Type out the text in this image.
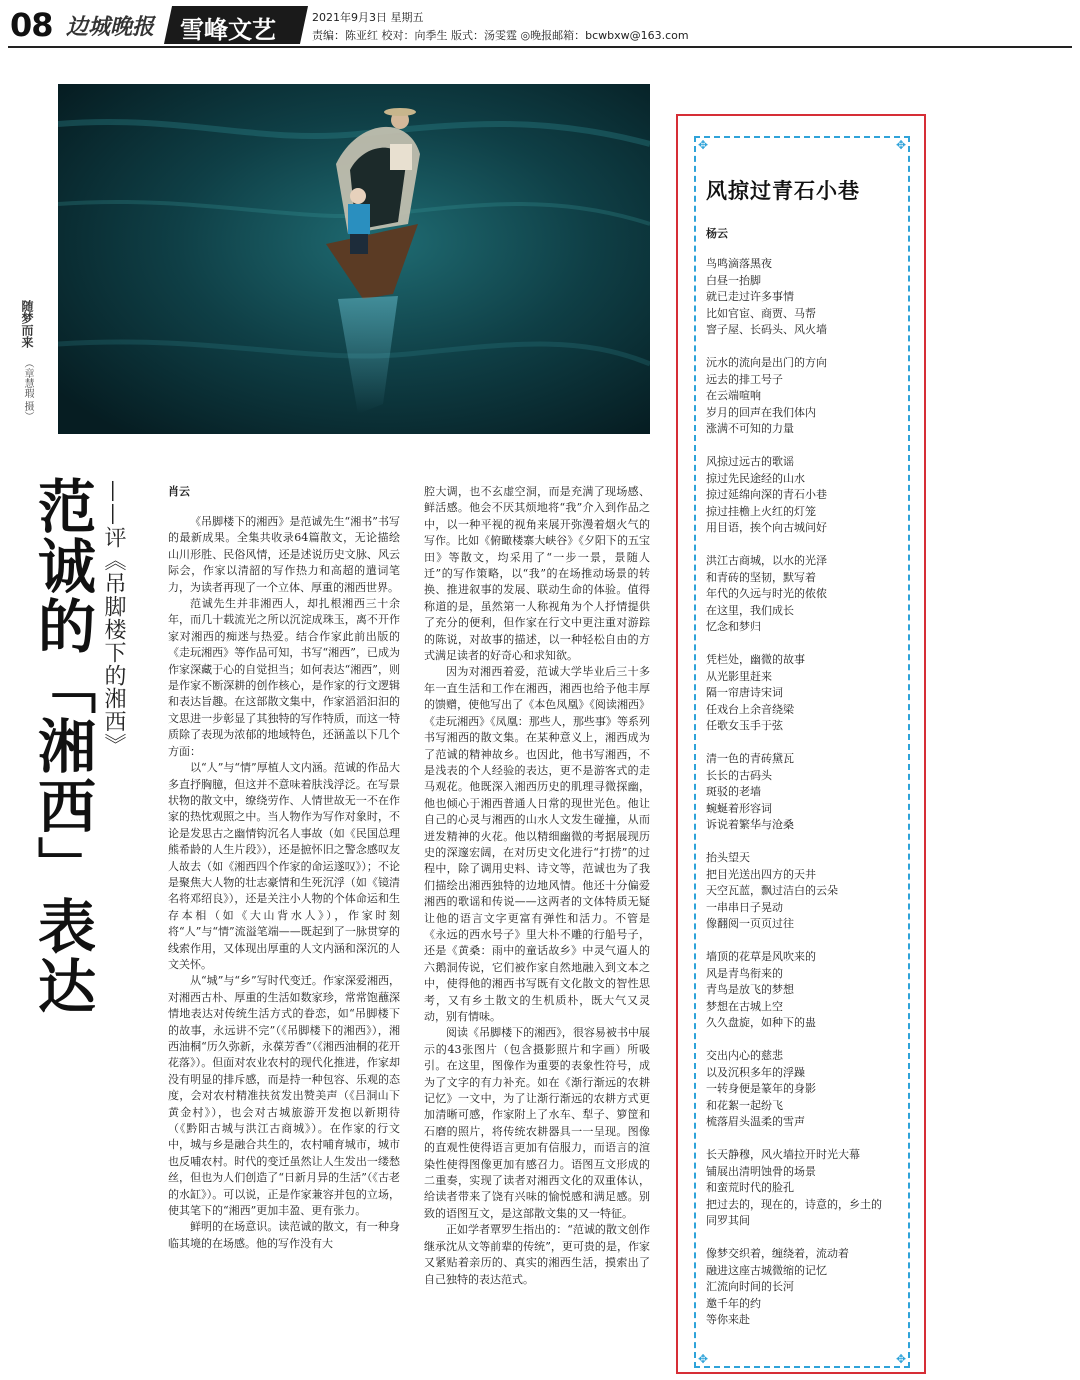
08 边城晚报 雪峰文艺	2021年9月3日 星期五
责编：陈亚红 校对：向季生 版式：汤雯霆 ◎晚报邮箱：bcwbxw@163.com
随梦而来
（章慧瑕 摄）
范诚的「湘西」表达 ——评《吊脚楼下的湘西》	肖云

《吊脚楼下的湘西》是范诚先生“湘书”书写的最新成果。全集共收录64篇散文，无论描绘山川形胜、民俗风情，还是述说历史文脉、风云际会，作家以清韶的写作热力和高超的遣词笔力，为读者再现了一个立体、厚重的湘西世界。

范诚先生并非湘西人，却扎根湘西三十余年，而几十载流光之所以沉淀成珠玉，离不开作家对湘西的痴迷与热爱。结合作家此前出版的《走玩湘西》等作品可知，书写“湘西”，已成为作家深藏于心的自觉担当；如何表达“湘西”，则是作家不断深耕的创作核心，是作家的行文逻辑和表达旨趣。在这部散文集中，作家滔滔汩汩的文思进一步彰显了其独特的写作特质，而这一特质除了表现为浓郁的地域特色，还涵盖以下几个方面：

以“人”与“情”厚植人文内涵。范诚的作品大多直抒胸臆，但这并不意味着肤浅浮泛。在写景状物的散文中，缭绕劳作、人情世故无一不在作家的热忱观照之中。当人物作为写作对象时，不论是发思古之幽情钩沉名人事故（如《民国总理熊希龄的人生片段》），还是摭怀旧之警念感叹友人故去（如《湘西四个作家的命运遂叹》）；不论是聚焦大人物的壮志豪情和生死沉浮（如《镜清名将邓绍良》），还是关注小人物的个体命运和生存本相（如《大山背水人》），作家时刻将“人”与“情”流溢笔端——既起到了一脉贯穿的线索作用，又体现出厚重的人文内涵和深沉的人文关怀。

从“城”与“乡”写时代变迁。作家深爱湘西，对湘西古朴、厚重的生活如数家珍，常常饱蘸深情地表达对传统生活方式的眷恋，如“吊脚楼下的故事，永远讲不完”（《吊脚楼下的湘西》），湘西油桐“历久弥新，永葆芳香”（《湘西油桐的花开花落》）。但面对农业农村的现代化推进，作家却没有明显的排斥感，而是持一种包容、乐观的态度，会对农村精准扶贫发出赞美声（《吕洞山下黄金村》），也会对古城旅游开发抱以新期待（《黔阳古城与洪江古商城》）。在作家的行文中，城与乡是融合共生的，农村哺育城市，城市也反哺农村。时代的变迁虽然让人生发出一缕愁丝，但也为人们创造了“日新月异的生活”（《古老的水缸》）。可以说，正是作家兼容并包的立场，使其笔下的“湘西”更加丰盈、更有张力。

鲜明的在场意识。读范诚的散文，有一种身临其境的在场感。他的写作没有大

腔大调，也不玄虚空洞，而是充满了现场感、鲜活感。他会不厌其烦地将“我”介入到作品之中，以一种平视的视角来展开弥漫着烟火气的写作。比如《俯瞰楼寨大峡谷》《夕阳下的五宝田》等散文，均采用了“一步一景，景随人迁”的写作策略，以“我”的在场推动场景的转换、推进叙事的发展、联动生命的体验。值得称道的是，虽然第一人称视角为个人抒情提供了充分的便利，但作家在行文中更注重对游踪的陈说，对故事的描述，以一种轻松自由的方式满足读者的好奇心和求知欲。

因为对湘西着爱，范诚大学毕业后三十多年一直生活和工作在湘西，湘西也给予他丰厚的馈赠，使他写出了《本色凤凰》《阅读湘西》《走玩湘西》《凤凰：那些人，那些事》等系列书写湘西的散文集。在某种意义上，湘西成为了范诚的精神故乡。也因此，他书写湘西，不是浅表的个人经验的表达，更不是游客式的走马观花。他既深入湘西历史的肌理寻微探幽，他也倾心于湘西普通人日常的现世光色。他让自己的心灵与湘西的山水人文发生碰撞，从而迸发精神的火花。他以精细幽微的考据展现历史的深邃宏阔，在对历史文化进行“打捞”的过程中，除了调用史料、诗文等，范诚也为了我们描绘出湘西独特的边地风情。他还十分偏爱湘西的歌谣和传说——这两者的文体特质无疑让他的语言文字更富有弹性和活力。不管是《永远的西水号子》里大朴不雕的行船号子，还是《黄桑：雨中的童话故乡》中灵气逼人的六鹅洞传说，它们被作家自然地融入到文本之中，使得他的湘西书写既有文化散文的智性思考，又有乡土散文的生机质朴，既大气又灵动，别有情味。

阅读《吊脚楼下的湘西》，很容易被书中展示的43张图片（包含摄影照片和字画）所吸引。在这里，图像作为重要的表象性符号，成为了文字的有力补充。如在《渐行渐远的农耕记忆》一文中，为了让渐行渐远的农耕方式更加清晰可感，作家附上了水车、犁子、箩筐和石磨的照片，将传统农耕器具一一呈现。图像的直观性使得语言更加有信服力，而语言的渲染性使得图像更加有感召力。语图互文形成的二重奏，实现了读者对湘西文化的双重体认，给读者带来了饶有兴味的愉悦感和满足感。别致的语图互文，是这部散文集的又一特征。

正如学者覃罗生指出的：“范诚的散文创作继承沈从文等前辈的传统”，更可贵的是，作家又紧贴着亲历的、真实的湘西生活，摸索出了自己独特的表达范式。

✥	✥
✥	✥
风掠过青石小巷
杨云
鸟鸣滴落黑夜
白昼一抬脚
就已走过许多事情
比如官宦、商贾、马帮
窨子屋、长码头、风火墙
沅水的流向是出门的方向
远去的排工号子
在云端喧响
岁月的回声在我们体内
涨满不可知的力量
风掠过远古的歌谣
掠过先民途经的山水
掠过延绵向深的青石小巷
掠过挂檐上火红的灯笼
用目语，挨个向古城问好
洪江古商城，以水的光泽
和青砖的坚韧，默写着
年代的久远与时光的侬侬
在这里，我们成长
忆念和梦归
凭栏处，幽微的故事
从光影里赶来
隔一帘唐诗宋词
任戏台上余音绕梁
任歌女玉手于弦
清一色的青砖黛瓦
长长的古码头
斑驳的老墙
蜿蜒着形容词
诉说着繁华与沧桑
抬头望天
把目光送出四方的天井
天空瓦蓝，飘过洁白的云朵
一串串日子晃动
像翻阅一页页过往
墙顶的花草是风吹来的
风是青鸟衔来的
青鸟是放飞的梦想
梦想在古城上空
久久盘旋，如种下的蛊
交出内心的慈悲
以及沉积多年的浮躁
一转身便是篆年的身影
和花絮一起纷飞
梳落眉头温柔的雪声
长天静穆，风火墙拉开时光大幕
铺展出清明蚀骨的场景
和蛮荒时代的脸孔
把过去的，现在的，诗意的，乡土的
同罗其间
像梦交织着，缠绕着，流动着
融进这座古城微缩的记忆
汇流向时间的长河
邀千年的约
等你来赴
